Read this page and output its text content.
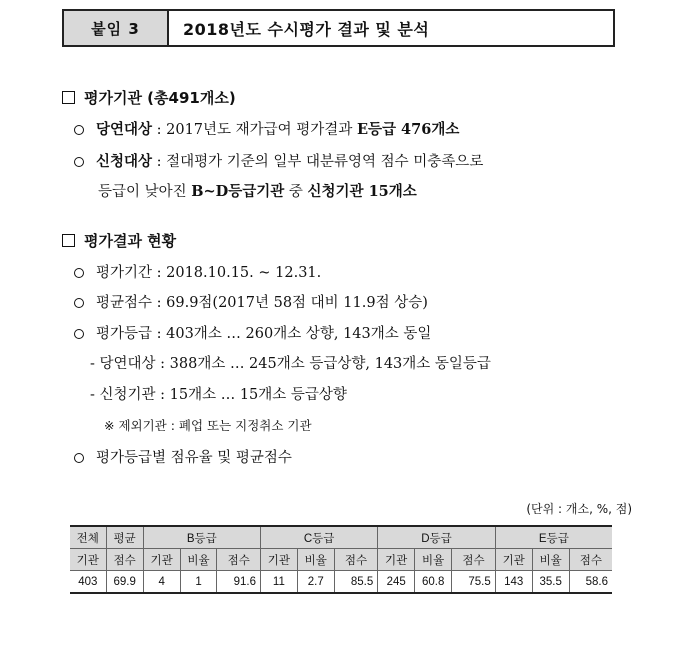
붙임 3	2018년도 수시평가 결과 및 분석
평가기관 (총491개소)
당연대상 : 2017년도 재가급여 평가결과 E등급 476개소
신청대상 : 절대평가 기준의 일부 대분류영역 점수 미충족으로
등급이 낮아진 B~D등급기관 중 신청기관 15개소
평가결과 현황
평가기간 : 2018.10.15. ~ 12.31.
평균점수 : 69.9점(2017년 58점 대비 11.9점 상승)
평가등급 : 403개소 … 260개소 상향, 143개소 동일
- 당연대상 : 388개소 … 245개소 등급상향, 143개소 동일등급
- 신청기관 : 15개소 … 15개소 등급상향
※ 제외기관 : 폐업 또는 지정취소 기관
평가등급별 점유율 및 평균점수
(단위 : 개소, %, 점)
전체	평균	B등급			C등급			D등급			E등급		
기관	점수	기관	비율	점수	기관	비율	점수	기관	비율	점수	기관	비율	점수
403	69.9	4	1	91.6	11	2.7	85.5	245	60.8	75.5	143	35.5	58.6
